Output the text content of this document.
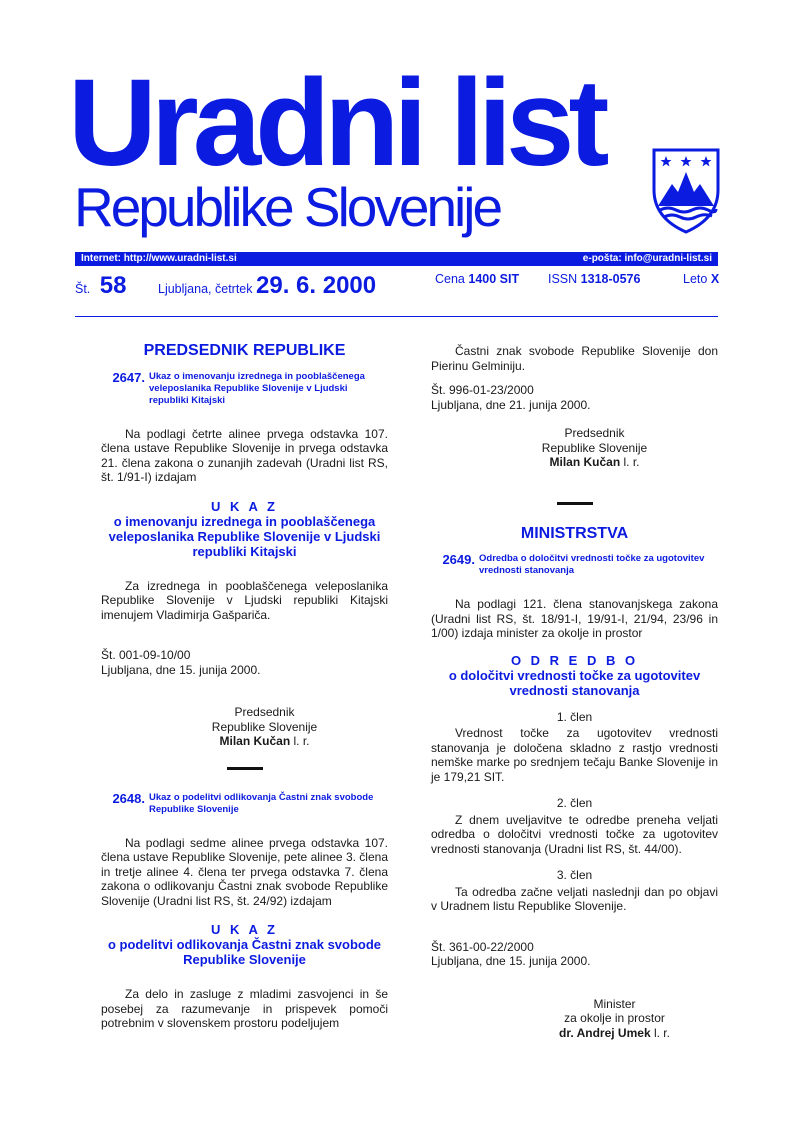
Uradni list
Republike Slovenije
Internet: http://www.uradni-list.si	e-pošta: info@uradni-list.si
Št. 58	Ljubljana, četrtek 29. 6. 2000	Cena 1400 SIT ISSN 1318-0576	Leto X
PREDSEDNIK REPUBLIKE
2647. Ukaz o imenovanju izrednega in pooblaščenega veleposlanika Republike Slovenije v Ljudski republiki Kitajski

Na podlagi četrte alinee prvega odstavka 107. člena ustave Republike Slovenije in prvega odstavka 21. člena zakona o zunanjih zadevah (Uradni list RS, št. 1/91-I) izdajam

U K A Z
o imenovanju izrednega in pooblaščenega veleposlanika Republike Slovenije v Ljudski republiki Kitajski

Za izrednega in pooblaščenega veleposlanika Republike Slovenije v Ljudski republiki Kitajski imenujem Vladimirja Gašpariča.

Št. 001-09-10/00

Ljubljana, dne 15. junija 2000.

Predsednik

Republike Slovenije

Milan Kučan l. r.

2648. Ukaz o podelitvi odlikovanja Častni znak svobode Republike Slovenije

Na podlagi sedme alinee prvega odstavka 107. člena ustave Republike Slovenije, pete alinee 3. člena in tretje alinee 4. člena ter prvega odstavka 7. člena zakona o odlikovanju Častni znak svobode Republike Slovenije (Uradni list RS, št. 24/92) izdajam

U K A Z
o podelitvi odlikovanja Častni znak svobode Republike Slovenije

Za delo in zasluge z mladimi zasvojenci in še posebej za razumevanje in prispevek pomoči potrebnim v slovenskem prostoru podeljujem

Častni znak svobode Republike Slovenije don Pierinu Gelminiju.

Št. 996-01-23/2000

Ljubljana, dne 21. junija 2000.

Predsednik

Republike Slovenije

Milan Kučan l. r.

MINISTRSTVA
2649. Odredba o določitvi vrednosti točke za ugotovitev vrednosti stanovanja

Na podlagi 121. člena stanovanjskega zakona (Uradni list RS, št. 18/91-I, 19/91-I, 21/94, 23/96 in 1/00) izdaja minister za okolje in prostor

O D R E D B O
o določitvi vrednosti točke za ugotovitev vrednosti stanovanja
1. člen

Vrednost točke za ugotovitev vrednosti stanovanja je določena skladno z rastjo vrednosti nemške marke po srednjem tečaju Banke Slovenije in je 179,21 SIT.

2. člen

Z dnem uveljavitve te odredbe preneha veljati odredba o določitvi vrednosti točke za ugotovitev vrednosti stanovanja (Uradni list RS, št. 44/00).

3. člen

Ta odredba začne veljati naslednji dan po objavi v Uradnem listu Republike Slovenije.

Št. 361-00-22/2000

Ljubljana, dne 15. junija 2000.

Minister

za okolje in prostor

dr. Andrej Umek l. r.
